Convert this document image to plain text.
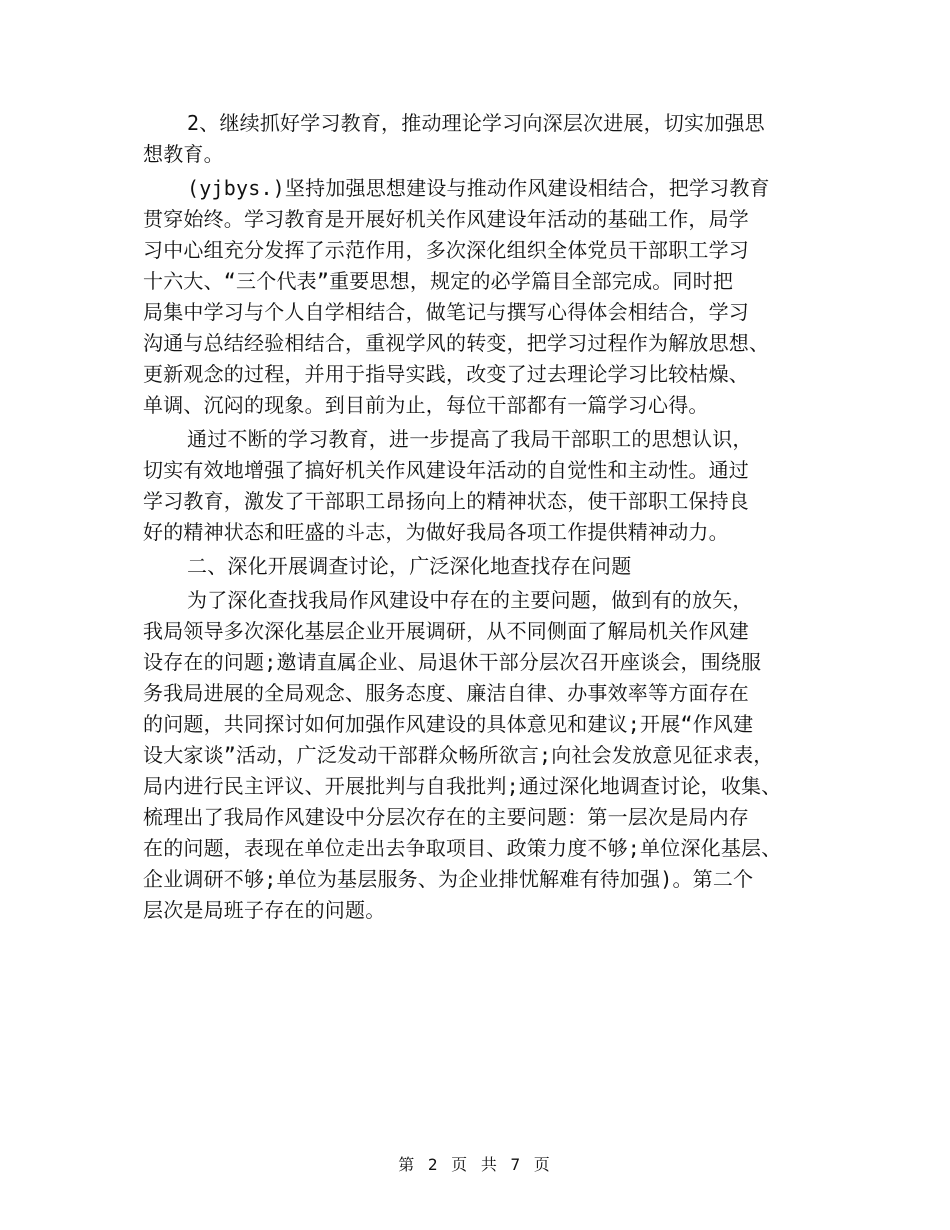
2、继续抓好学习教育，推动理论学习向深层次进展，切实加强思
想教育。
(yjbys.)坚持加强思想建设与推动作风建设相结合，把学习教育
贯穿始终。学习教育是开展好机关作风建设年活动的基础工作，局学
习中心组充分发挥了示范作用，多次深化组织全体党员干部职工学习
十六大、“三个代表”重要思想，规定的必学篇目全部完成。同时把
局集中学习与个人自学相结合，做笔记与撰写心得体会相结合，学习
沟通与总结经验相结合，重视学风的转变，把学习过程作为解放思想、
更新观念的过程，并用于指导实践，改变了过去理论学习比较枯燥、
单调、沉闷的现象。到目前为止，每位干部都有一篇学习心得。
通过不断的学习教育，进一步提高了我局干部职工的思想认识，
切实有效地增强了搞好机关作风建设年活动的自觉性和主动性。通过
学习教育，激发了干部职工昂扬向上的精神状态，使干部职工保持良
好的精神状态和旺盛的斗志，为做好我局各项工作提供精神动力。
二、深化开展调查讨论，广泛深化地查找存在问题
为了深化查找我局作风建设中存在的主要问题，做到有的放矢，
我局领导多次深化基层企业开展调研，从不同侧面了解局机关作风建
设存在的问题;邀请直属企业、局退休干部分层次召开座谈会，围绕服
务我局进展的全局观念、服务态度、廉洁自律、办事效率等方面存在
的问题，共同探讨如何加强作风建设的具体意见和建议;开展“作风建
设大家谈”活动，广泛发动干部群众畅所欲言;向社会发放意见征求表，
局内进行民主评议、开展批判与自我批判;通过深化地调查讨论，收集、
梳理出了我局作风建设中分层次存在的主要问题：第一层次是局内存
在的问题，表现在单位走出去争取项目、政策力度不够;单位深化基层、
企业调研不够;单位为基层服务、为企业排忧解难有待加强)。第二个
层次是局班子存在的问题。
第 2 页 共 7 页
